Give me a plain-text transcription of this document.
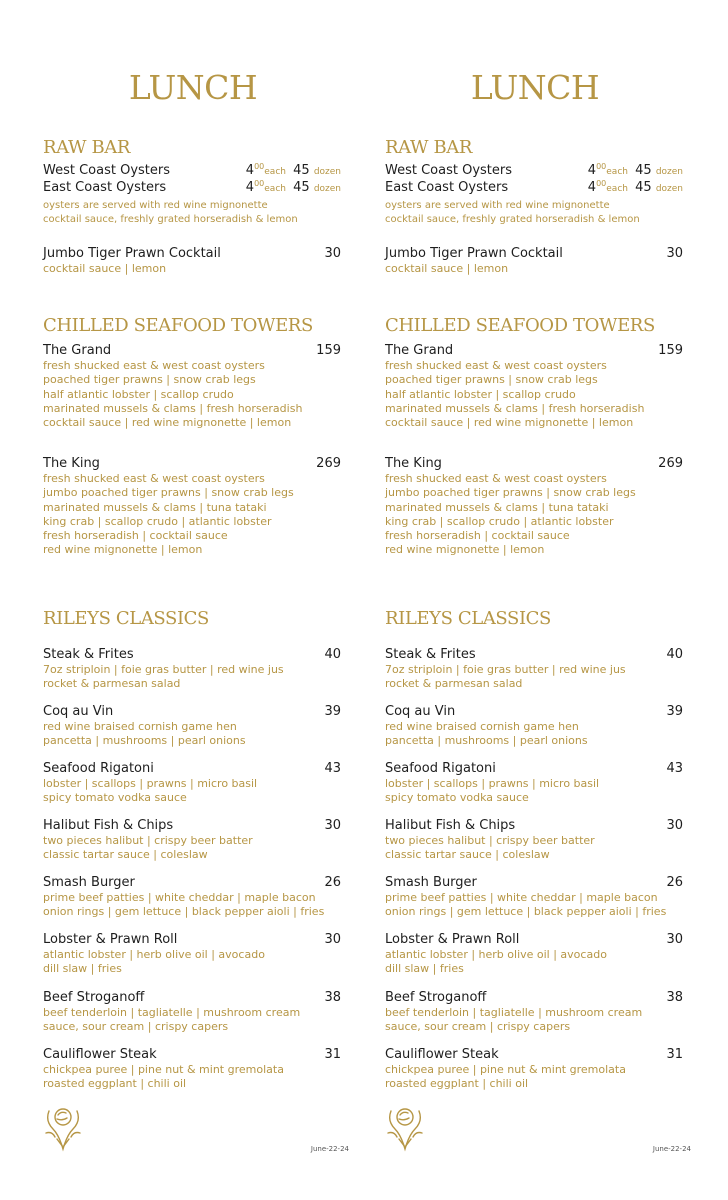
LUNCH
RAW BAR
West Coast Oysters	$4^{00}each$ 45 dozen
East Coast Oysters	$4^{00}each$ 45 dozen
oysters are served with red wine mignonette
cocktail sauce, freshly grated horseradish & lemon
Jumbo Tiger Prawn Cocktail	30
cocktail sauce | lemon
CHILLED SEAFOOD TOWERS
The Grand	159
fresh shucked east & west coast oysters
poached tiger prawns | snow crab legs
half atlantic lobster | scallop crudo
marinated mussels & clams | fresh horseradish
cocktail sauce | red wine mignonette | lemon
The King	269
fresh shucked east & west coast oysters
jumbo poached tiger prawns | snow crab legs
marinated mussels & clams | tuna tataki
king crab | scallop crudo | atlantic lobster
fresh horseradish | cocktail sauce
red wine mignonette | lemon
RILEYS CLASSICS
Steak & Frites	40
7oz striploin | foie gras butter | red wine jus
rocket & parmesan salad
Coq au Vin	39
red wine braised cornish game hen
pancetta | mushrooms | pearl onions
Seafood Rigatoni	43
lobster | scallops | prawns | micro basil
spicy tomato vodka sauce
Halibut Fish & Chips	30
two pieces halibut | crispy beer batter
classic tartar sauce | coleslaw
Smash Burger	26
prime beef patties | white cheddar | maple bacon
onion rings | gem lettuce | black pepper aioli | fries
Lobster & Prawn Roll	30
atlantic lobster | herb olive oil | avocado
dill slaw | fries
Beef Stroganoff	38
beef tenderloin | tagliatelle | mushroom cream
sauce, sour cream | crispy capers
Cauliflower Steak	31
chickpea puree | pine nut & mint gremolata
roasted eggplant | chili oil
June-22-24
LUNCH
RAW BAR
West Coast Oysters	$4^{00}each$ 45 dozen
East Coast Oysters	$4^{00}each$ 45 dozen
oysters are served with red wine mignonette
cocktail sauce, freshly grated horseradish & lemon
Jumbo Tiger Prawn Cocktail	30
cocktail sauce | lemon
CHILLED SEAFOOD TOWERS
The Grand	159
fresh shucked east & west coast oysters
poached tiger prawns | snow crab legs
half atlantic lobster | scallop crudo
marinated mussels & clams | fresh horseradish
cocktail sauce | red wine mignonette | lemon
The King	269
fresh shucked east & west coast oysters
jumbo poached tiger prawns | snow crab legs
marinated mussels & clams | tuna tataki
king crab | scallop crudo | atlantic lobster
fresh horseradish | cocktail sauce
red wine mignonette | lemon
RILEYS CLASSICS
Steak & Frites	40
7oz striploin | foie gras butter | red wine jus
rocket & parmesan salad
Coq au Vin	39
red wine braised cornish game hen
pancetta | mushrooms | pearl onions
Seafood Rigatoni	43
lobster | scallops | prawns | micro basil
spicy tomato vodka sauce
Halibut Fish & Chips	30
two pieces halibut | crispy beer batter
classic tartar sauce | coleslaw
Smash Burger	26
prime beef patties | white cheddar | maple bacon
onion rings | gem lettuce | black pepper aioli | fries
Lobster & Prawn Roll	30
atlantic lobster | herb olive oil | avocado
dill slaw | fries
Beef Stroganoff	38
beef tenderloin | tagliatelle | mushroom cream
sauce, sour cream | crispy capers
Cauliflower Steak	31
chickpea puree | pine nut & mint gremolata
roasted eggplant | chili oil
June-22-24
